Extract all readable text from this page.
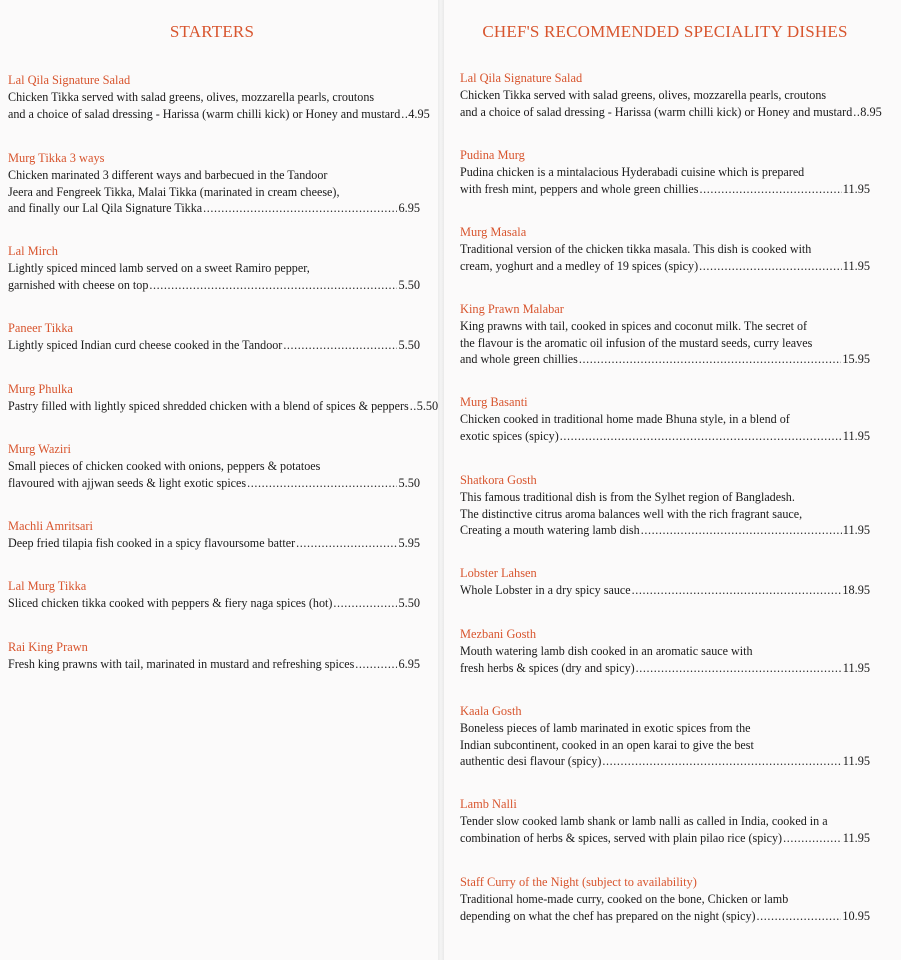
STARTERS
Lal Qila Signature Salad
Chicken Tikka served with salad greens, olives, mozzarella pearls, croutons
and a choice of salad dressing - Harissa (warm chilli kick) or Honey and mustard ..... 4.95
Murg Tikka 3 ways
Chicken marinated 3 different ways and barbecued in the Tandoor
Jeera and Fengreek Tikka, Malai Tikka (marinated in cream cheese),
and finally our Lal Qila Signature Tikka .....	6.95
Lal Mirch
Lightly spiced minced lamb served on a sweet Ramiro pepper,
garnished with cheese on top .....	5.50
Paneer Tikka
Lightly spiced Indian curd cheese cooked in the Tandoor .....	5.50
Murg Phulka
Pastry filled with lightly spiced shredded chicken with a blend of spices & peppers ..... 5.50
Murg Waziri
Small pieces of chicken cooked with onions, peppers & potatoes
flavoured with ajjwan seeds & light exotic spices .....	5.50
Machli Amritsari
Deep fried tilapia fish cooked in a spicy flavoursome batter .....	5.95
Lal Murg Tikka
Sliced chicken tikka cooked with peppers & fiery naga spices (hot) .....	5.50
Rai King Prawn
Fresh king prawns with tail, marinated in mustard and refreshing spices .....	6.95
CHEF'S RECOMMENDED SPECIALITY DISHES
Lal Qila Signature Salad
Chicken Tikka served with salad greens, olives, mozzarella pearls, croutons
and a choice of salad dressing - Harissa (warm chilli kick) or Honey and mustard ..... 8.95
Pudina Murg
Pudina chicken is a mintalacious Hyderabadi cuisine which is prepared
with fresh mint, peppers and whole green chillies .....	11.95
Murg Masala
Traditional version of the chicken tikka masala. This dish is cooked with
cream, yoghurt and a medley of 19 spices (spicy) .....	11.95
King Prawn Malabar
King prawns with tail, cooked in spices and coconut milk. The secret of
the flavour is the aromatic oil infusion of the mustard seeds, curry leaves
and whole green chillies .....	15.95
Murg Basanti
Chicken cooked in traditional home made Bhuna style, in a blend of
exotic spices (spicy) .....	11.95
Shatkora Gosth
This famous traditional dish is from the Sylhet region of Bangladesh.
The distinctive citrus aroma balances well with the rich fragrant sauce,
Creating a mouth watering lamb dish .....	11.95
Lobster Lahsen
Whole Lobster in a dry spicy sauce .....	18.95
Mezbani Gosth
Mouth watering lamb dish cooked in an aromatic sauce with
fresh herbs & spices (dry and spicy) .....	11.95
Kaala Gosth
Boneless pieces of lamb marinated in exotic spices from the
Indian subcontinent, cooked in an open karai to give the best
authentic desi flavour (spicy) .....	11.95
Lamb Nalli
Tender slow cooked lamb shank or lamb nalli as called in India, cooked in a
combination of herbs & spices, served with plain pilao rice (spicy) .....	11.95
Staff Curry of the Night (subject to availability)
Traditional home-made curry, cooked on the bone, Chicken or lamb
depending on what the chef has prepared on the night (spicy) .....	10.95
